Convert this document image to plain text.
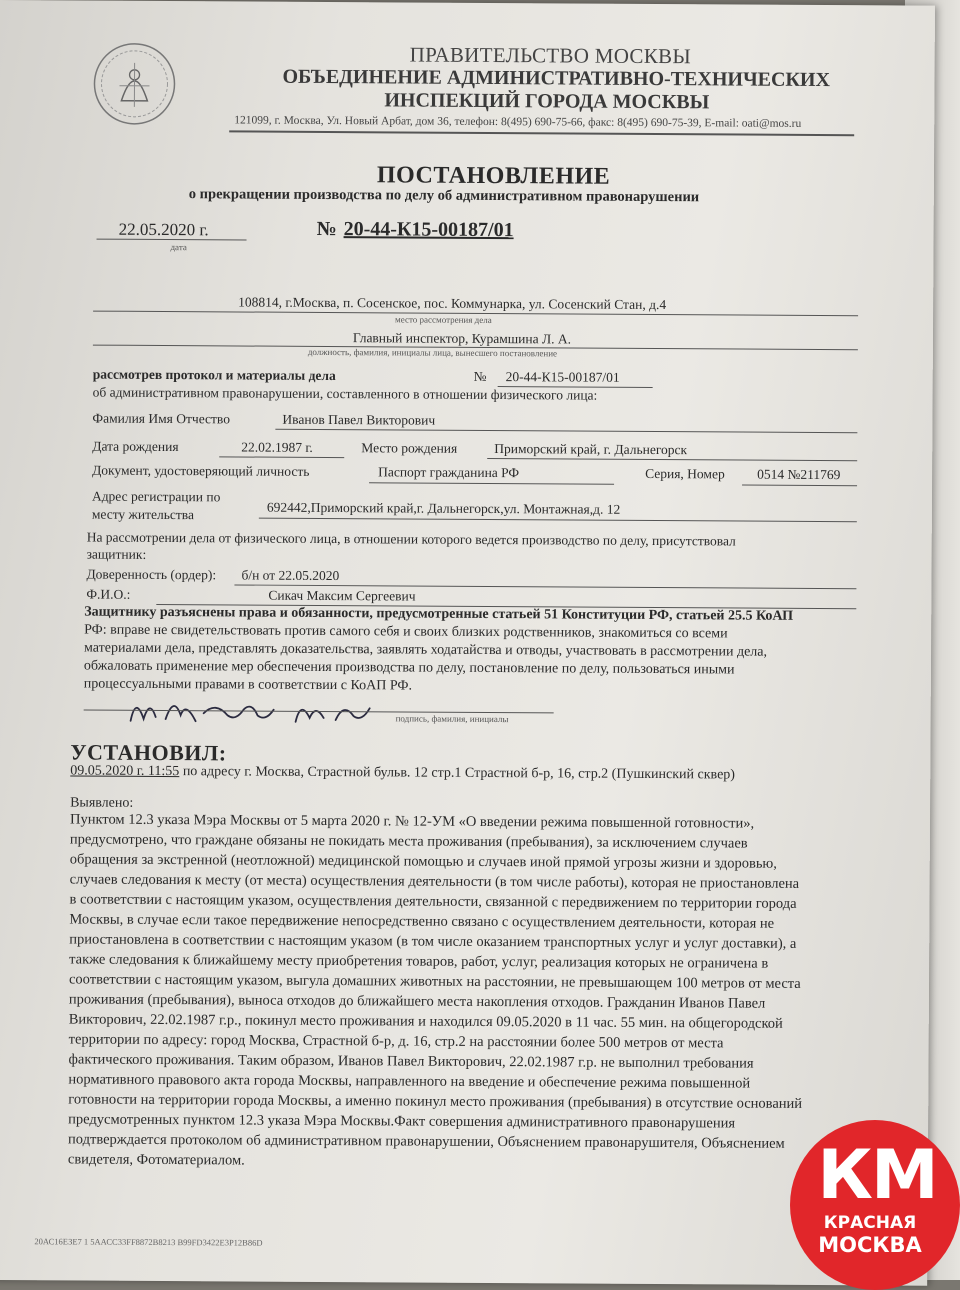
ПРАВИТЕЛЬСТВО МОСКВЫ
ОБЪЕДИНЕНИЕ АДМИНИСТРАТИВНО-ТЕХНИЧЕСКИХ
ИНСПЕКЦИЙ ГОРОДА МОСКВЫ
121099, г. Москва, Ул. Новый Арбат, дом 36, телефон: 8(495) 690-75-66, факс: 8(495) 690-75-39, E-mail: oati@mos.ru
ПОСТАНОВЛЕНИЕ
о прекращении производства по делу об административном правонарушении
22.05.2020 г.
дата
№ 20-44-К15-00187/01
108814, г.Москва, п. Сосенское, пос. Коммунарка, ул. Сосенский Стан, д.4
место рассмотрения дела
Главный инспектор, Курамшина Л. А.
должность, фамилия, инициалы лица, вынесшего постановление
рассмотрев протокол и материалы дела	№ 20-44-К15-00187/01
об административном правонарушении, составленного в отношении физического лица:
Фамилия Имя Отчество	Иванов Павел Викторович
Дата рождения	22.02.1987 г.	Место рождения	Приморский край, г. Дальнегорск
Документ, удостоверяющий личность	Паспорт гражданина РФ	Серия, Номер 0514 №211769
Адрес регистрации по
месту жительства	692442,Приморский край,г. Дальнегорск,ул. Монтажная,д. 12
На рассмотрении дела от физического лица, в отношении которого ведется производство по делу, присутствовал
защитник:
Доверенность (ордер): б/н от 22.05.2020
Ф.И.О.:	Сикач Максим Сергеевич
Защитнику разъяснены права и обязанности, предусмотренные статьей 51 Конституции РФ, статьей 25.5 КоАП
РФ: вправе не свидетельствовать против самого себя и своих близких родственников, знакомиться со всеми
материалами дела, представлять доказательства, заявлять ходатайства и отводы, участвовать в рассмотрении дела,
обжаловать применение мер обеспечения производства по делу, постановление по делу, пользоваться иными
процессуальными правами в соответствии с КоАП РФ.
подпись, фамилия, инициалы
УСТАНОВИЛ:
09.05.2020 г. 11:55 по адресу г. Москва, Страстной бульв. 12 стр.1 Страстной б-р, 16, стр.2 (Пушкинский сквер)
Выявлено:
Пунктом 12.3 указа Мэра Москвы от 5 марта 2020 г. № 12-УМ «О введении режима повышенной готовности»,
предусмотрено, что граждане обязаны не покидать места проживания (пребывания), за исключением случаев
обращения за экстренной (неотложной) медицинской помощью и случаев иной прямой угрозы жизни и здоровью,
случаев следования к месту (от места) осуществления деятельности (в том числе работы), которая не приостановлена
в соответствии с настоящим указом, осуществления деятельности, связанной с передвижением по территории города
Москвы, в случае если такое передвижение непосредственно связано с осуществлением деятельности, которая не
приостановлена в соответствии с настоящим указом (в том числе оказанием транспортных услуг и услуг доставки), а
также следования к ближайшему месту приобретения товаров, работ, услуг, реализация которых не ограничена в
соответствии с настоящим указом, выгула домашних животных на расстоянии, не превышающем 100 метров от места
проживания (пребывания), выноса отходов до ближайшего места накопления отходов. Гражданин Иванов Павел
Викторович, 22.02.1987 г.р., покинул место проживания и находился 09.05.2020 в 11 час. 55 мин. на общегородской
территории по адресу: город Москва, Страстной б-р, д. 16, стр.2 на расстоянии более 500 метров от места
фактического проживания. Таким образом, Иванов Павел Викторович, 22.02.1987 г.р. не выполнил требования
нормативного правового акта города Москвы, направленного на введение и обеспечение режима повышенной
готовности на территории города Москвы, а именно покинул место проживания (пребывания) в отсутствие оснований
предусмотренных пунктом 12.3 указа Мэра Москвы.Факт совершения административного правонарушения
подтверждается протоколом об административном правонарушении, Объяснением правонарушителя, Объяснением
свидетеля, Фотоматериалом.
20АС16ЕЗЕ7 1 5ААСС33FF8872В8213 В99FD3422Е3Р12В86D
КМ
КРАСНАЯ
МОСКВА
